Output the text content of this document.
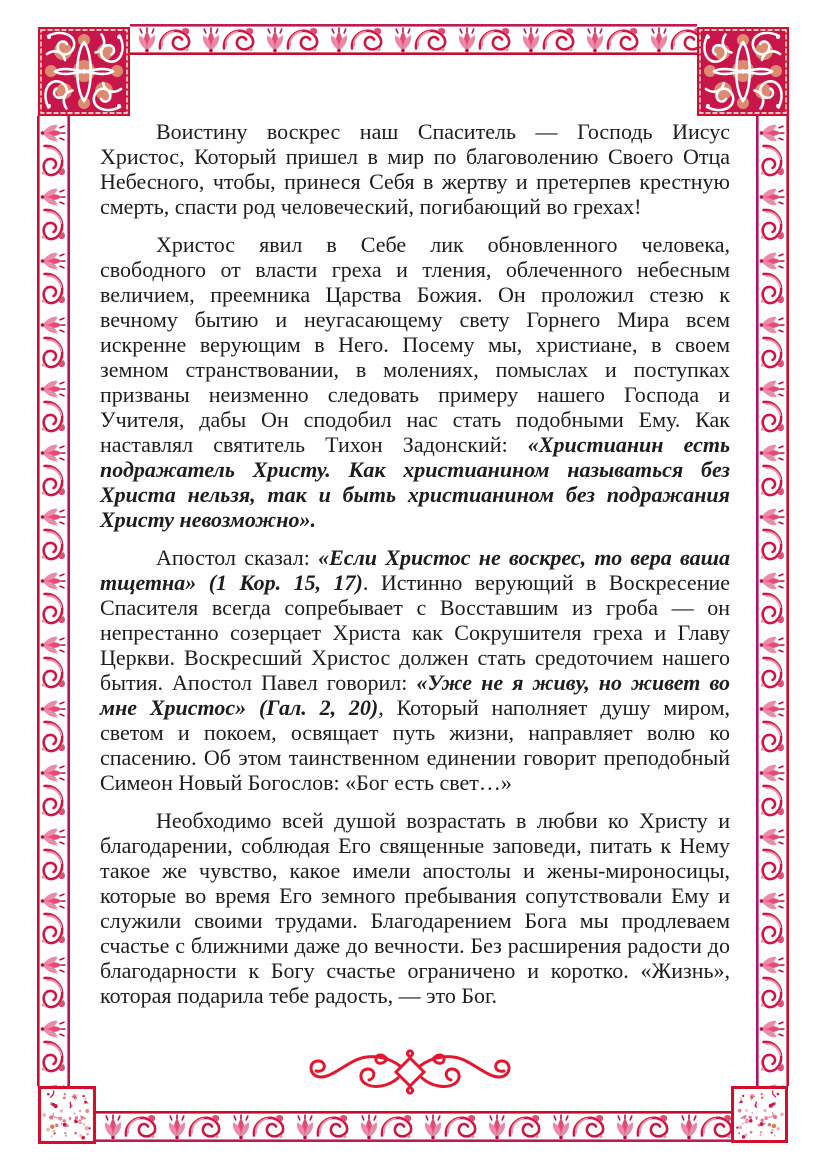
Воистину воскрес наш Спаситель — Господь Иисус Христос, Который пришел в мир по благоволению Своего Отца Небесного, чтобы, принеся Себя в жертву и претерпев крестную смерть, спасти род человеческий, погибающий во грехах!

Христос явил в Себе лик обновленного человека, свободного от власти греха и тления, облеченного небесным величием, преемника Царства Божия. Он проложил стезю к вечному бытию и неугасающему свету Горнего Мира всем искренне верующим в Него. Посему мы, христиане, в своем земном странствовании, в молениях, помыслах и поступках призваны неизменно следовать примеру нашего Господа и Учителя, дабы Он сподобил нас стать подобными Ему. Как наставлял святитель Тихон Задонский: «Христианин есть подражатель Христу. Как христианином называться без Христа нельзя, так и быть христианином без подражания Христу невозможно».

Апостол сказал: «Если Христос не воскрес, то вера ваша тщетна» (1 Кор. 15, 17). Истинно верующий в Воскресение Спасителя всегда сопребывает с Восставшим из гроба — он непрестанно созерцает Христа как Сокрушителя греха и Главу Церкви. Воскресший Христос должен стать средоточием нашего бытия. Апостол Павел говорил: «Уже не я живу, но живет во мне Христос» (Гал. 2, 20), Который наполняет душу миром, светом и покоем, освящает путь жизни, направляет волю ко спасению. Об этом таинственном единении говорит преподобный Симеон Новый Богослов: «Бог есть свет…»

Необходимо всей душой возрастать в любви ко Христу и благодарении, соблюдая Его священные заповеди, питать к Нему такое же чувство, какое имели апостолы и жены-мироносицы, которые во время Его земного пребывания сопутствовали Ему и служили своими трудами. Благодарением Бога мы продлеваем счастье с ближними даже до вечности. Без расширения радости до благодарности к Богу счастье ограничено и коротко. «Жизнь», которая подарила тебе радость, — это Бог.
